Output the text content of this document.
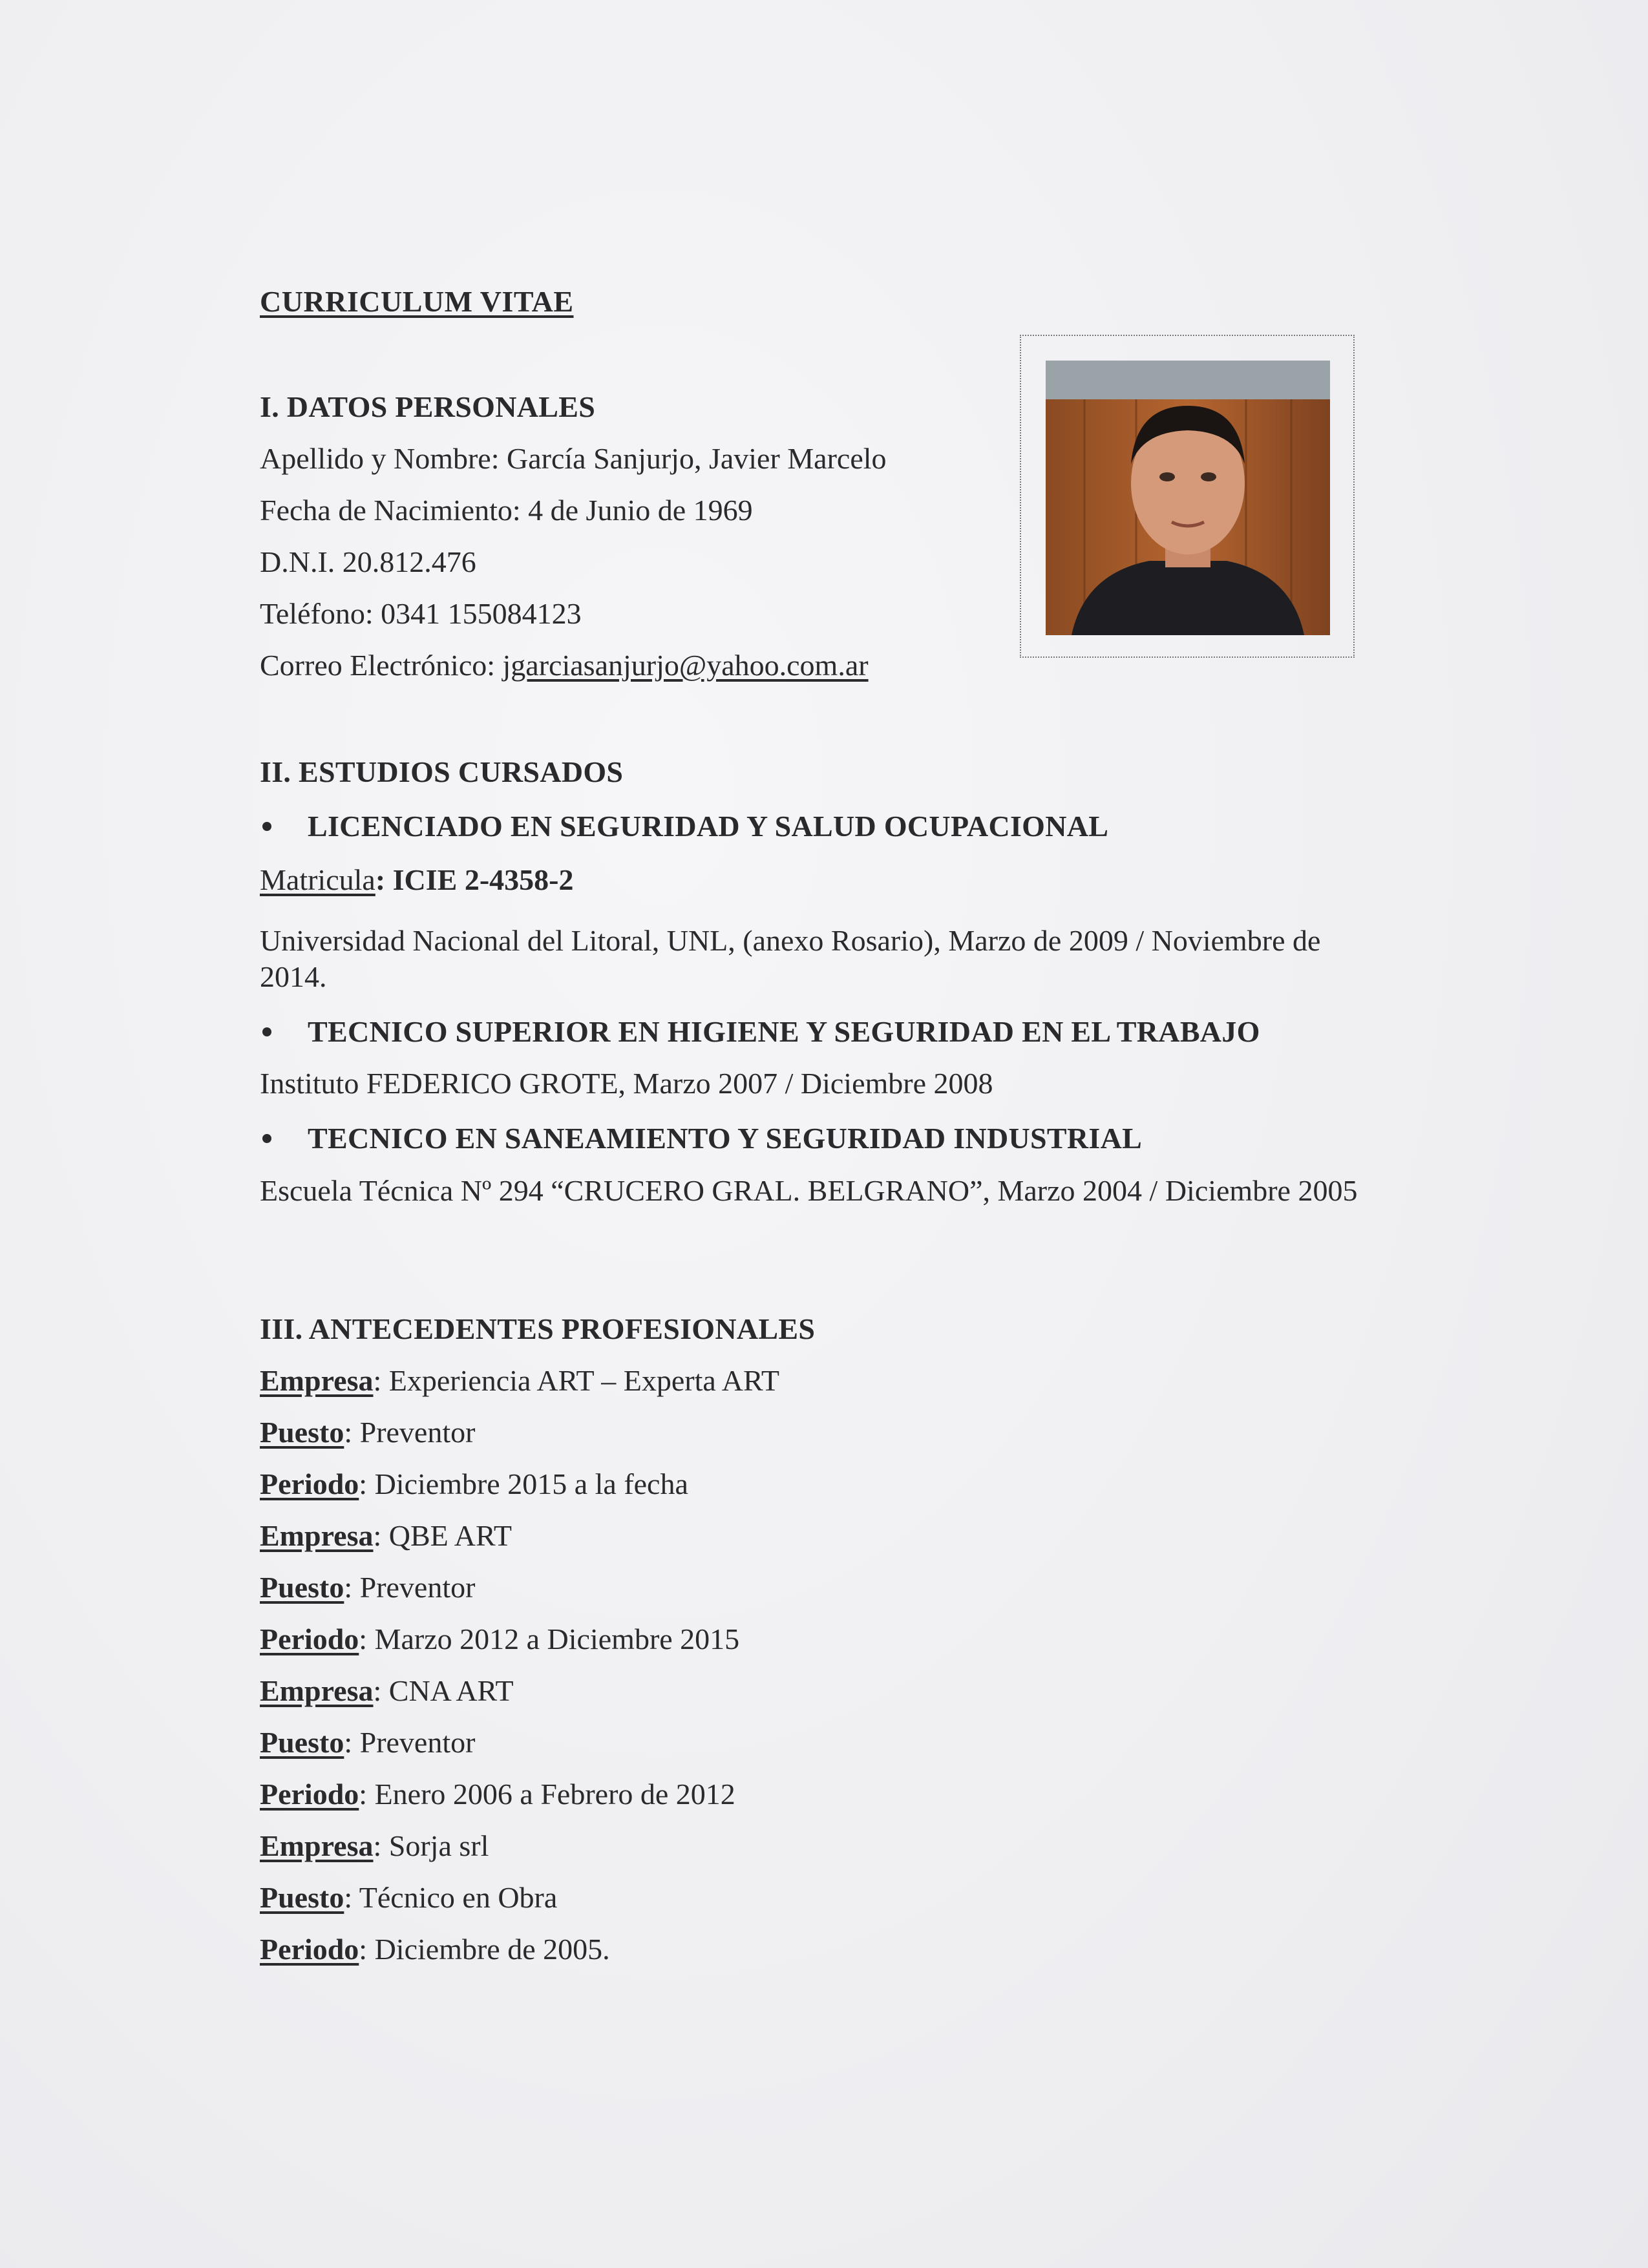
CURRICULUM VITAE
I. DATOS PERSONALES
Apellido y Nombre: García Sanjurjo, Javier Marcelo
Fecha de Nacimiento: 4 de Junio de 1969
D.N.I. 20.812.476
Teléfono: 0341 155084123
Correo Electrónico: jgarciasanjurjo@yahoo.com.ar
II. ESTUDIOS CURSADOS
LICENCIADO EN SEGURIDAD Y SALUD OCUPACIONAL
Matricula: ICIE 2-4358-2
Universidad Nacional del Litoral, UNL, (anexo Rosario), Marzo de 2009 / Noviembre de 2014.
TECNICO SUPERIOR EN HIGIENE Y SEGURIDAD EN EL TRABAJO
Instituto FEDERICO GROTE, Marzo 2007 / Diciembre 2008
TECNICO EN SANEAMIENTO Y SEGURIDAD INDUSTRIAL
Escuela Técnica Nº 294 “CRUCERO GRAL. BELGRANO”, Marzo 2004 / Diciembre 2005
III. ANTECEDENTES PROFESIONALES
Empresa: Experiencia ART – Experta ART
Puesto: Preventor
Periodo: Diciembre 2015 a la fecha
Empresa: QBE ART
Puesto: Preventor
Periodo: Marzo 2012 a Diciembre 2015
Empresa: CNA ART
Puesto: Preventor
Periodo: Enero 2006 a Febrero de 2012
Empresa: Sorja srl
Puesto: Técnico en Obra
Periodo: Diciembre de 2005.
